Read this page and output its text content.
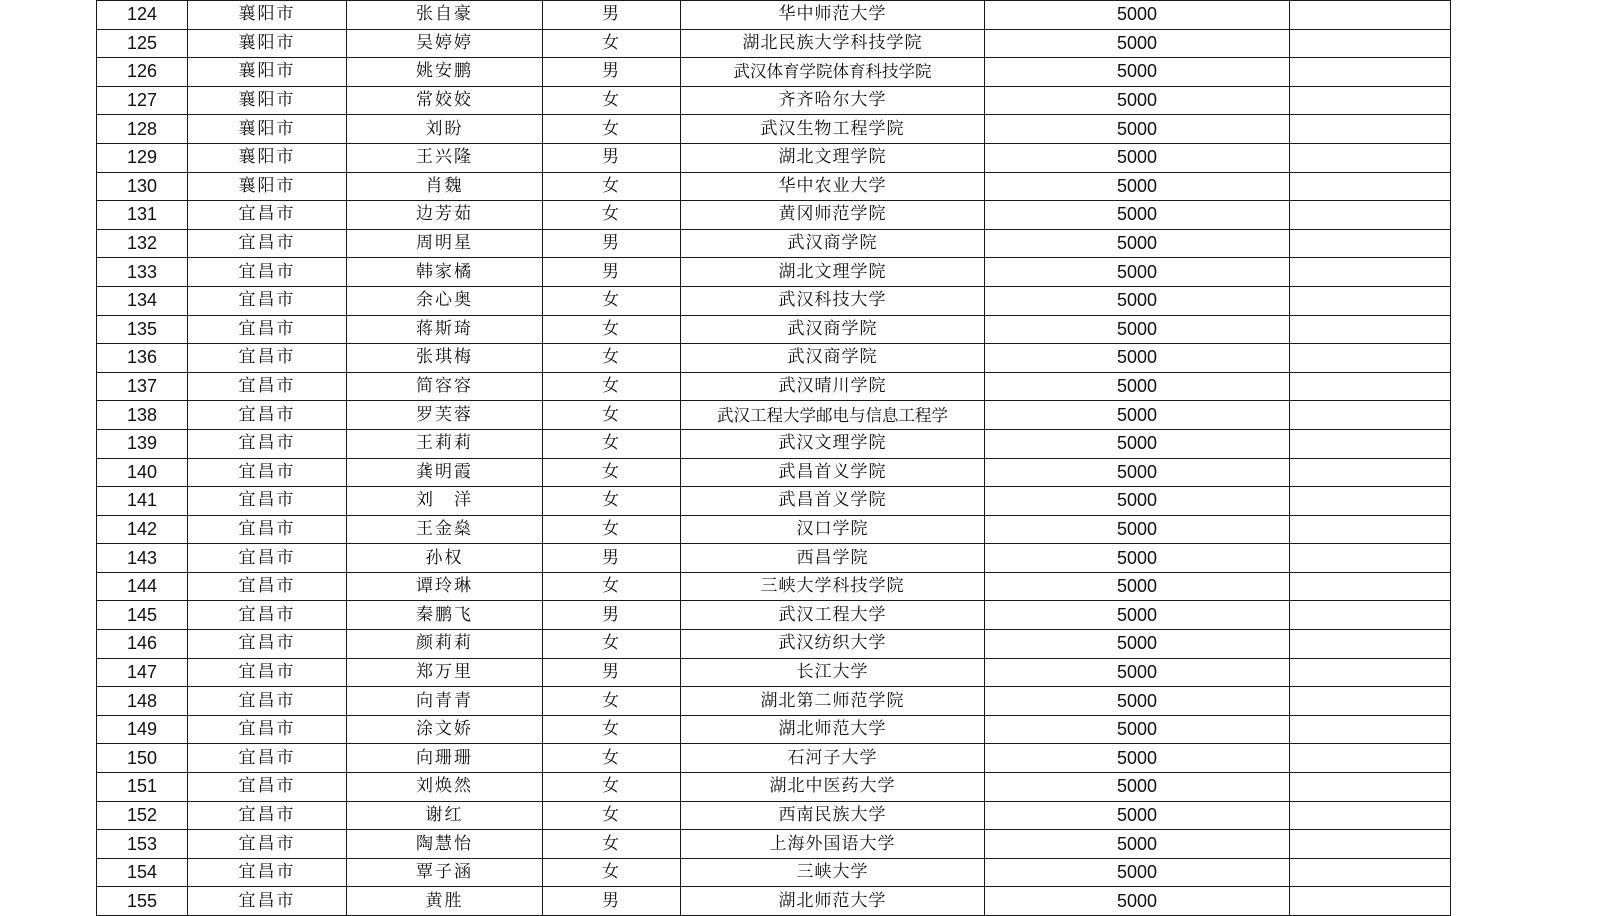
124	襄阳市	张自豪	男	华中师范大学	5000	
125	襄阳市	吴婷婷	女	湖北民族大学科技学院	5000	
126	襄阳市	姚安鹏	男	武汉体育学院体育科技学院	5000	
127	襄阳市	常姣姣	女	齐齐哈尔大学	5000	
128	襄阳市	刘盼	女	武汉生物工程学院	5000	
129	襄阳市	王兴隆	男	湖北文理学院	5000	
130	襄阳市	肖魏	女	华中农业大学	5000	
131	宜昌市	边芳茹	女	黄冈师范学院	5000	
132	宜昌市	周明星	男	武汉商学院	5000	
133	宜昌市	韩家橘	男	湖北文理学院	5000	
134	宜昌市	余心奥	女	武汉科技大学	5000	
135	宜昌市	蒋斯琦	女	武汉商学院	5000	
136	宜昌市	张琪梅	女	武汉商学院	5000	
137	宜昌市	简容容	女	武汉晴川学院	5000	
138	宜昌市	罗芙蓉	女	武汉工程大学邮电与信息工程学	5000	
139	宜昌市	王莉莉	女	武汉文理学院	5000	
140	宜昌市	龚明霞	女	武昌首义学院	5000	
141	宜昌市	刘　洋	女	武昌首义学院	5000	
142	宜昌市	王金燊	女	汉口学院	5000	
143	宜昌市	孙权	男	西昌学院	5000	
144	宜昌市	谭玲琳	女	三峡大学科技学院	5000	
145	宜昌市	秦鹏飞	男	武汉工程大学	5000	
146	宜昌市	颜莉莉	女	武汉纺织大学	5000	
147	宜昌市	郑万里	男	长江大学	5000	
148	宜昌市	向青青	女	湖北第二师范学院	5000	
149	宜昌市	涂文娇	女	湖北师范大学	5000	
150	宜昌市	向珊珊	女	石河子大学	5000	
151	宜昌市	刘焕然	女	湖北中医药大学	5000	
152	宜昌市	谢红	女	西南民族大学	5000	
153	宜昌市	陶慧怡	女	上海外国语大学	5000	
154	宜昌市	覃子涵	女	三峡大学	5000	
155	宜昌市	黄胜	男	湖北师范大学	5000	
